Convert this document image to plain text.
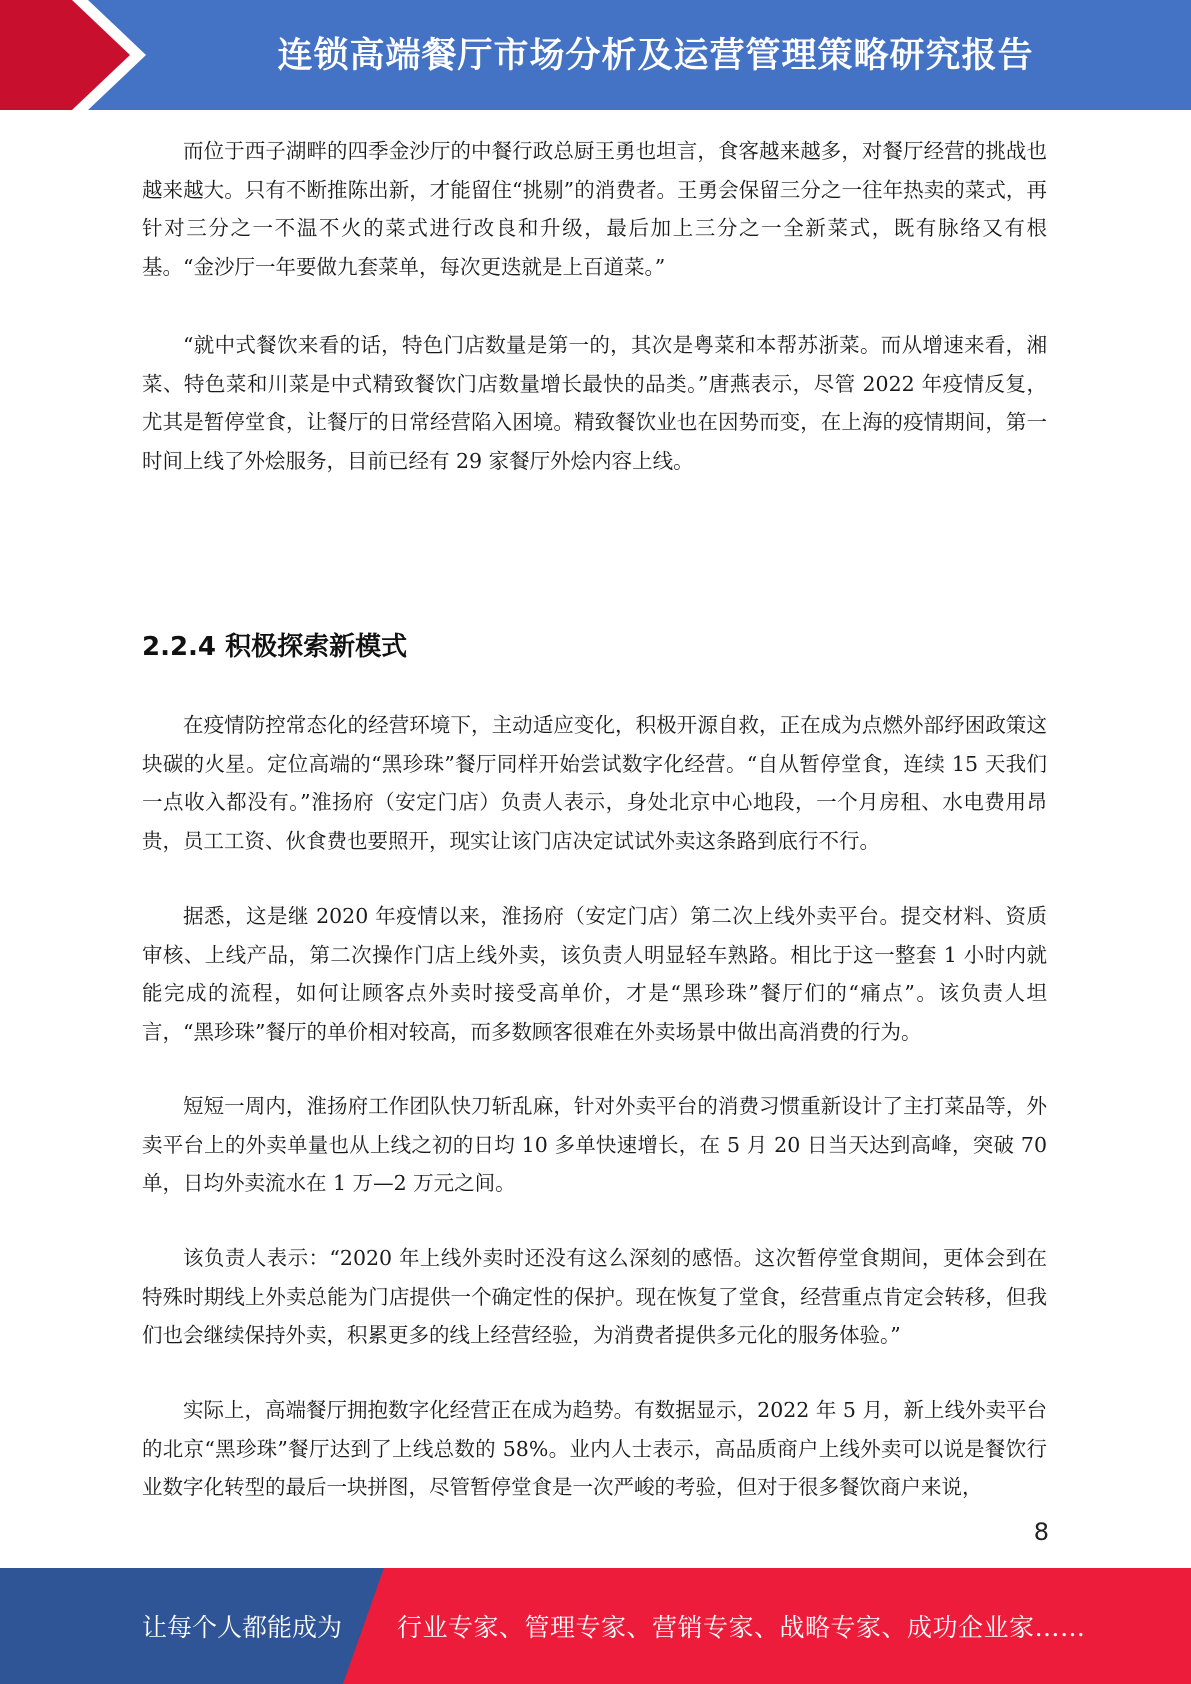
连锁高端餐厅市场分析及运营管理策略研究报告

而位于西子湖畔的四季金沙厅的中餐行政总厨王勇也坦言，食客越来越多，对餐厅经营的挑战也越来越大。只有不断推陈出新，才能留住“挑剔”的消费者。王勇会保留三分之一往年热卖的菜式，再针对三分之一不温不火的菜式进行改良和升级，最后加上三分之一全新菜式，既有脉络又有根基。“金沙厅一年要做九套菜单，每次更迭就是上百道菜。”

“就中式餐饮来看的话，特色门店数量是第一的，其次是粤菜和本帮苏浙菜。而从增速来看，湘菜、特色菜和川菜是中式精致餐饮门店数量增长最快的品类。”唐燕表示，尽管 2022 年疫情反复，尤其是暂停堂食，让餐厅的日常经营陷入困境。精致餐饮业也在因势而变，在上海的疫情期间，第一时间上线了外烩服务，目前已经有 29 家餐厅外烩内容上线。

2.2.4 积极探索新模式

在疫情防控常态化的经营环境下，主动适应变化，积极开源自救，正在成为点燃外部纾困政策这块碳的火星。定位高端的“黑珍珠”餐厅同样开始尝试数字化经营。“自从暂停堂食，连续 15 天我们一点收入都没有。”淮扬府（安定门店）负责人表示，身处北京中心地段，一个月房租、水电费用昂贵，员工工资、伙食费也要照开，现实让该门店决定试试外卖这条路到底行不行。

据悉，这是继 2020 年疫情以来，淮扬府（安定门店）第二次上线外卖平台。提交材料、资质审核、上线产品，第二次操作门店上线外卖，该负责人明显轻车熟路。相比于这一整套 1 小时内就能完成的流程，如何让顾客点外卖时接受高单价，才是“黑珍珠”餐厅们的“痛点”。该负责人坦言，“黑珍珠”餐厅的单价相对较高，而多数顾客很难在外卖场景中做出高消费的行为。

短短一周内，淮扬府工作团队快刀斩乱麻，针对外卖平台的消费习惯重新设计了主打菜品等，外卖平台上的外卖单量也从上线之初的日均 10 多单快速增长，在 5 月 20 日当天达到高峰，突破 70 单，日均外卖流水在 1 万—2 万元之间。

该负责人表示：“2020 年上线外卖时还没有这么深刻的感悟。这次暂停堂食期间，更体会到在特殊时期线上外卖总能为门店提供一个确定性的保护。现在恢复了堂食，经营重点肯定会转移，但我们也会继续保持外卖，积累更多的线上经营经验，为消费者提供多元化的服务体验。”

实际上，高端餐厅拥抱数字化经营正在成为趋势。有数据显示，2022 年 5 月，新上线外卖平台的北京“黑珍珠”餐厅达到了上线总数的 58%。业内人士表示，高品质商户上线外卖可以说是餐饮行业数字化转型的最后一块拼图，尽管暂停堂食是一次严峻的考验，但对于很多餐饮商户来说，

8
让每个人都能成为 行业专家、管理专家、营销专家、战略专家、成功企业家……
